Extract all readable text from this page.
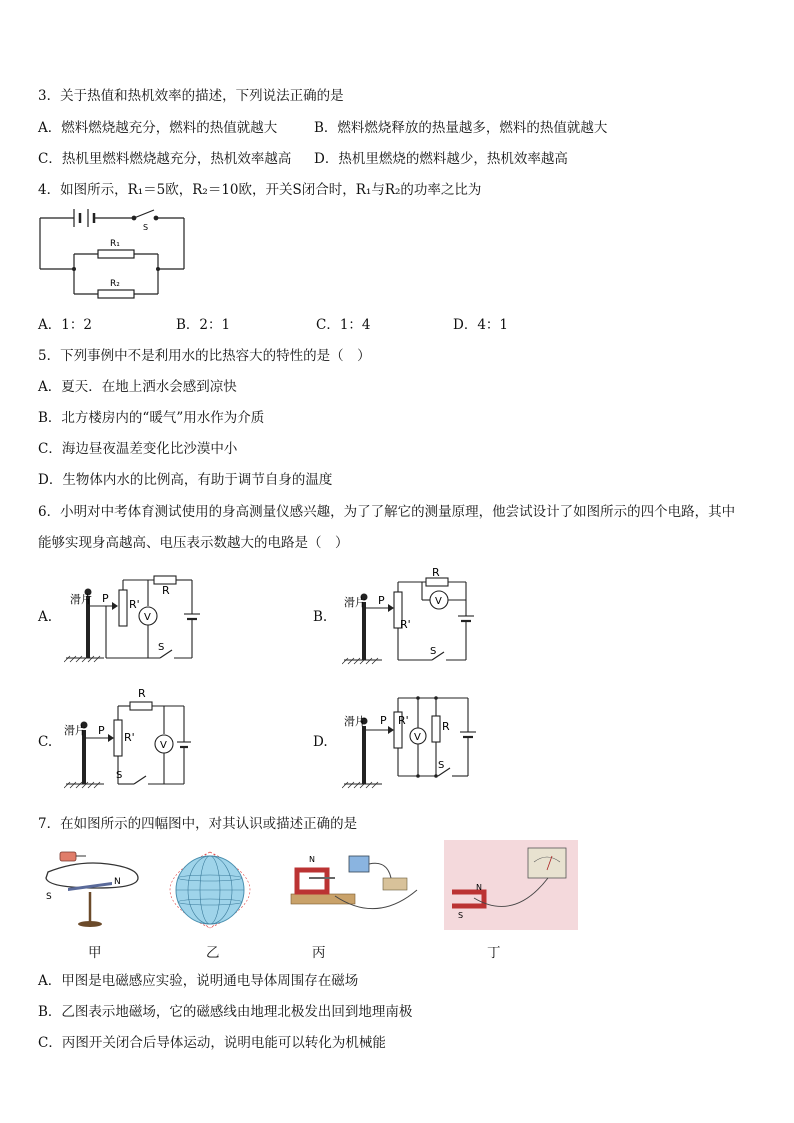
3．关于热值和热机效率的描述，下列说法正确的是
A．燃料燃烧越充分，燃料的热值就越大	B．燃料燃烧释放的热量越多，燃料的热值就越大
C．热机里燃料燃烧越充分，热机效率越高 D．热机里燃烧的燃料越少，热机效率越高
4．如图所示，R₁＝5欧，R₂＝10欧，开关S闭合时，R₁与R₂的功率之比为
R₁
R₂
S
A．1：2	B．2：1	C．1：4	D．4：1
5．下列事例中不是利用水的比热容大的特性的是（　）
A．夏天．在地上洒水会感到凉快
B．北方楼房内的“暖气”用水作为介质
C．海边昼夜温差变化比沙漠中小
D．生物体内水的比例高，有助于调节自身的温度
6．小明对中考体育测试使用的身高测量仪感兴趣，为了了解它的测量原理，他尝试设计了如图所示的四个电路，其中
能够实现身高越高、电压表示数越大的电路是（　）
A.
滑片 P R'
R
V
S
B.
滑片 P
R'
R
V
S
C.
滑片 P
R'
R
V
S
D.
滑片 P R'	R
V
S
7．在如图所示的四幅图中，对其认识或描述正确的是
S
N
甲	乙
N
丙
N
S
丁
A．甲图是电磁感应实验，说明通电导体周围存在磁场
B．乙图表示地磁场，它的磁感线由地理北极发出回到地理南极
C．丙图开关闭合后导体运动，说明电能可以转化为机械能
